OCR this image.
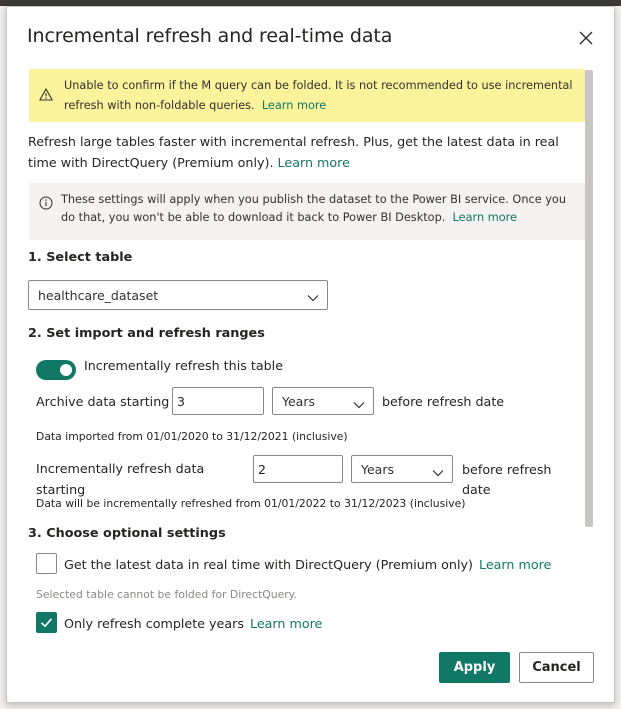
Incremental refresh and real-time data
Unable to confirm if the M query can be folded. It is not recommended to use incremental refresh with non-foldable queries. Learn more
Refresh large tables faster with incremental refresh. Plus, get the latest data in real time with DirectQuery (Premium only). Learn more
These settings will apply when you publish the dataset to the Power BI service. Once you do that, you won't be able to download it back to Power BI Desktop. Learn more
1. Select table
healthcare_dataset
2. Set import and refresh ranges
Incrementally refresh this table
Archive data starting
3	Years	before refresh date
Data imported from 01/01/2020 to 31/12/2021 (inclusive)
Incrementally refresh data
starting
2
Years	before refresh
date
Data will be incrementally refreshed from 01/01/2022 to 31/12/2023 (inclusive)
3. Choose optional settings
Get the latest data in real time with DirectQuery (Premium only) Learn more
Selected table cannot be folded for DirectQuery.
Only refresh complete years Learn more
Apply	Cancel
